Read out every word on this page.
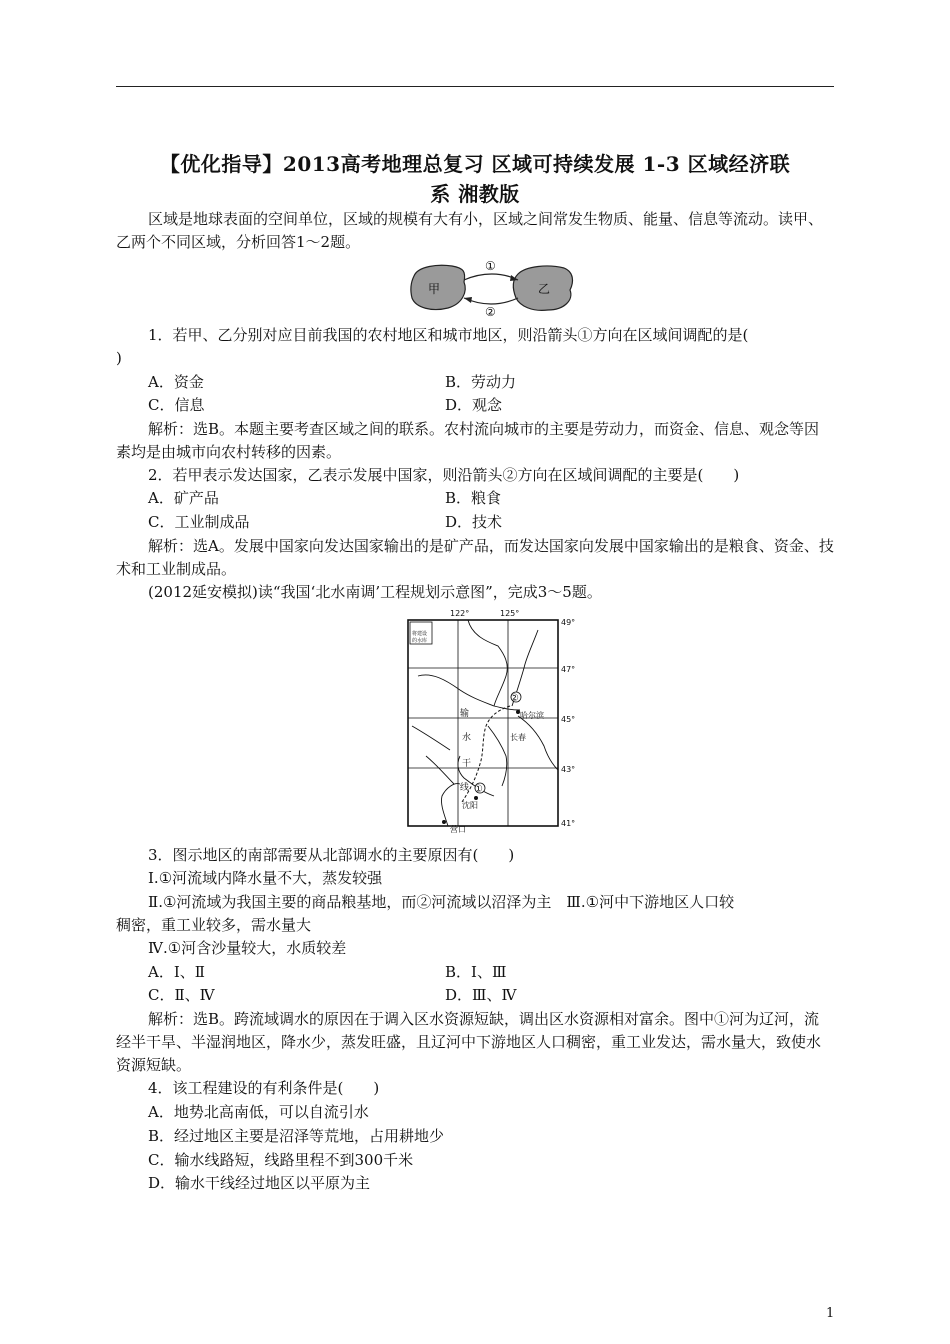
【优化指导】2013高考地理总复习 区域可持续发展 1-3 区域经济联
系 湘教版
区域是地球表面的空间单位，区域的规模有大有小，区域之间常发生物质、能量、信息等流动。读甲、乙两个不同区域，分析回答1～2题。
甲	乙
①
②
1．若甲、乙分别对应目前我国的农村地区和城市地区，则沿箭头①方向在区域间调配的是(
)
A．资金	B．劳动力
C．信息	D．观念
解析：选B。本题主要考查区域之间的联系。农村流向城市的主要是劳动力，而资金、信息、观念等因素均是由城市向农村转移的因素。
2．若甲表示发达国家，乙表示发展中国家，则沿箭头②方向在区域间调配的主要是(　　)
A．矿产品	B．粮食
C．工业制成品	D．技术
解析：选A。发展中国家向发达国家输出的是矿产品，而发达国家向发展中国家输出的是粮食、资金、技术和工业制成品。
(2012延安模拟)读“我国‘北水南调’工程规划示意图”，完成3～5题。
将建设
的水库
②
①
哈尔滨
长春
沈阳
营口
输
水
干
线
122°	125°
49°
47°
45°
43°
41°
3．图示地区的南部需要从北部调水的主要原因有(　　)
Ⅰ.①河流域内降水量不大，蒸发较强
Ⅱ.①河流域为我国主要的商品粮基地，而②河流域以沼泽为主　Ⅲ.①河中下游地区人口较
稠密，重工业较多，需水量大
Ⅳ.①河含沙量较大，水质较差
A．Ⅰ、Ⅱ	B．Ⅰ、Ⅲ
C．Ⅱ、Ⅳ	D．Ⅲ、Ⅳ
解析：选B。跨流域调水的原因在于调入区水资源短缺，调出区水资源相对富余。图中①河为辽河，流经半干旱、半湿润地区，降水少，蒸发旺盛，且辽河中下游地区人口稠密，重工业发达，需水量大，致使水资源短缺。
4．该工程建设的有利条件是(　　)
A．地势北高南低，可以自流引水
B．经过地区主要是沼泽等荒地，占用耕地少
C．输水线路短，线路里程不到300千米
D．输水干线经过地区以平原为主
1
